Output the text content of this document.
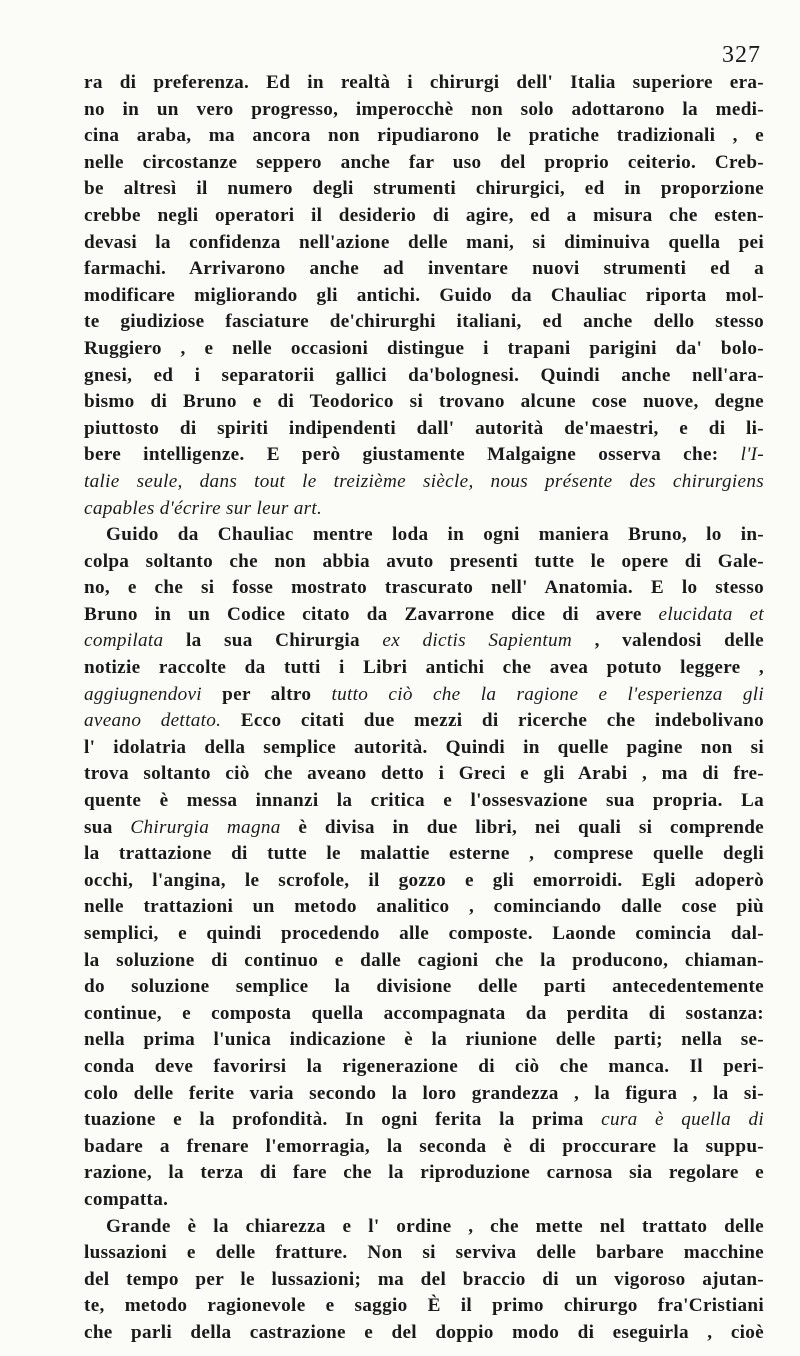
327
ra di preferenza. Ed in realtà i chirurgi dell' Italia superiore era-
no in un vero progresso, imperocchè non solo adottarono la medi-
cina araba, ma ancora non ripudiarono le pratiche tradizionali , e
nelle circostanze seppero anche far uso del proprio ceiterio. Creb-
be altresì il numero degli strumenti chirurgici, ed in proporzione
crebbe negli operatori il desiderio di agire, ed a misura che esten-
devasi la confidenza nell'azione delle mani, si diminuiva quella pei
farmachi. Arrivarono anche ad inventare nuovi strumenti ed a
modificare migliorando gli antichi. Guido da Chauliac riporta mol-
te giudiziose fasciature de'chirurghi italiani, ed anche dello stesso
Ruggiero , e nelle occasioni distingue i trapani parigini da' bolo-
gnesi, ed i separatorii gallici da'bolognesi. Quindi anche nell'ara-
bismo di Bruno e di Teodorico si trovano alcune cose nuove, degne
piuttosto di spiriti indipendenti dall' autorità de'maestri, e di li-
bere intelligenze. E però giustamente Malgaigne osserva che: l'I-
talie seule, dans tout le treizième siècle, nous présente des chirurgiens
capables d'écrire sur leur art.
Guido da Chauliac mentre loda in ogni maniera Bruno, lo in-
colpa soltanto che non abbia avuto presenti tutte le opere di Gale-
no, e che si fosse mostrato trascurato nell' Anatomia. E lo stesso
Bruno in un Codice citato da Zavarrone dice di avere elucidata et
compilata la sua Chirurgia ex dictis Sapientum , valendosi delle
notizie raccolte da tutti i Libri antichi che avea potuto leggere ,
aggiugnendovi per altro tutto ciò che la ragione e l'esperienza gli
aveano dettato. Ecco citati due mezzi di ricerche che indebolivano
l' idolatria della semplice autorità. Quindi in quelle pagine non si
trova soltanto ciò che aveano detto i Greci e gli Arabi , ma di fre-
quente è messa innanzi la critica e l'ossesvazione sua propria. La
sua Chirurgia magna è divisa in due libri, nei quali si comprende
la trattazione di tutte le malattie esterne , comprese quelle degli
occhi, l'angina, le scrofole, il gozzo e gli emorroidi. Egli adoperò
nelle trattazioni un metodo analitico , cominciando dalle cose più
semplici, e quindi procedendo alle composte. Laonde comincia dal-
la soluzione di continuo e dalle cagioni che la producono, chiaman-
do soluzione semplice la divisione delle parti antecedentemente
continue, e composta quella accompagnata da perdita di sostanza:
nella prima l'unica indicazione è la riunione delle parti; nella se-
conda deve favorirsi la rigenerazione di ciò che manca. Il peri-
colo delle ferite varia secondo la loro grandezza , la figura , la si-
tuazione e la profondità. In ogni ferita la prima cura è quella di
badare a frenare l'emorragia, la seconda è di proccurare la suppu-
razione, la terza di fare che la riproduzione carnosa sia regolare e
compatta.
Grande è la chiarezza e l' ordine , che mette nel trattato delle
lussazioni e delle fratture. Non si serviva delle barbare macchine
del tempo per le lussazioni; ma del braccio di un vigoroso ajutan-
te, metodo ragionevole e saggio È il primo chirurgo fra'Cristiani
che parli della castrazione e del doppio modo di eseguirla , cioè
